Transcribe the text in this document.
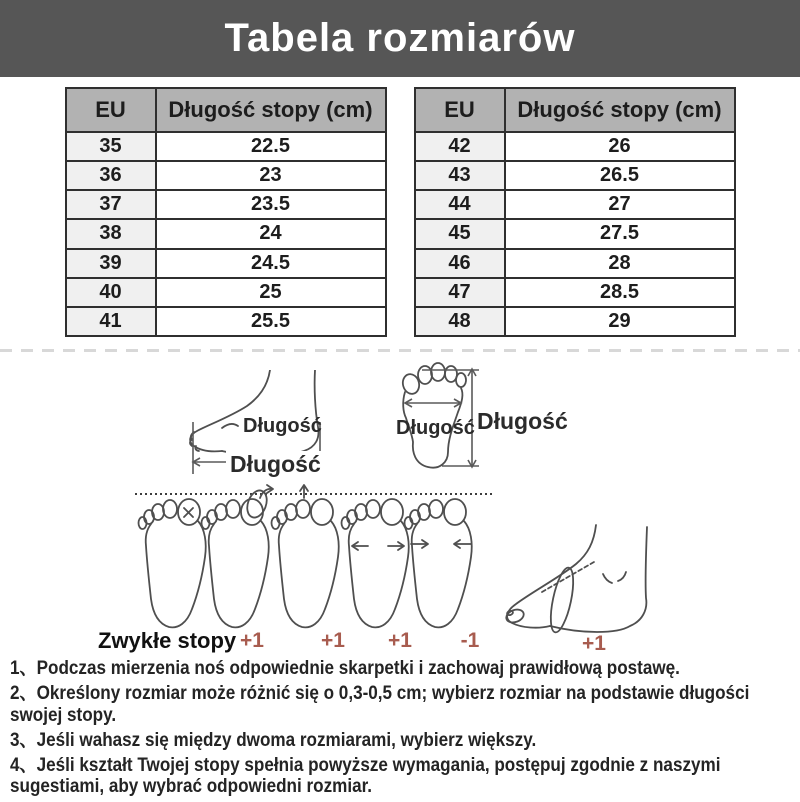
Tabela rozmiarów
EU	Długość stopy (cm)
35	22.5
36	23
37	23.5
38	24
39	24.5
40	25
41	25.5
EU	Długość stopy (cm)
42	26
43	26.5
44	27
45	27.5
46	28
47	28.5
48	29
Długość
Długość
Długość Długość
Zwykłe stopy +1	+1	+1	-1	+1

1、Podczas mierzenia noś odpowiednie skarpetki i zachowaj prawidłową postawę.

2、Określony rozmiar może różnić się o 0,3-0,5 cm; wybierz rozmiar na podstawie długości swojej stopy.

3、Jeśli wahasz się między dwoma rozmiarami, wybierz większy.

4、Jeśli kształt Twojej stopy spełnia powyższe wymagania, postępuj zgodnie z naszymi sugestiami, aby wybrać odpowiedni rozmiar.
